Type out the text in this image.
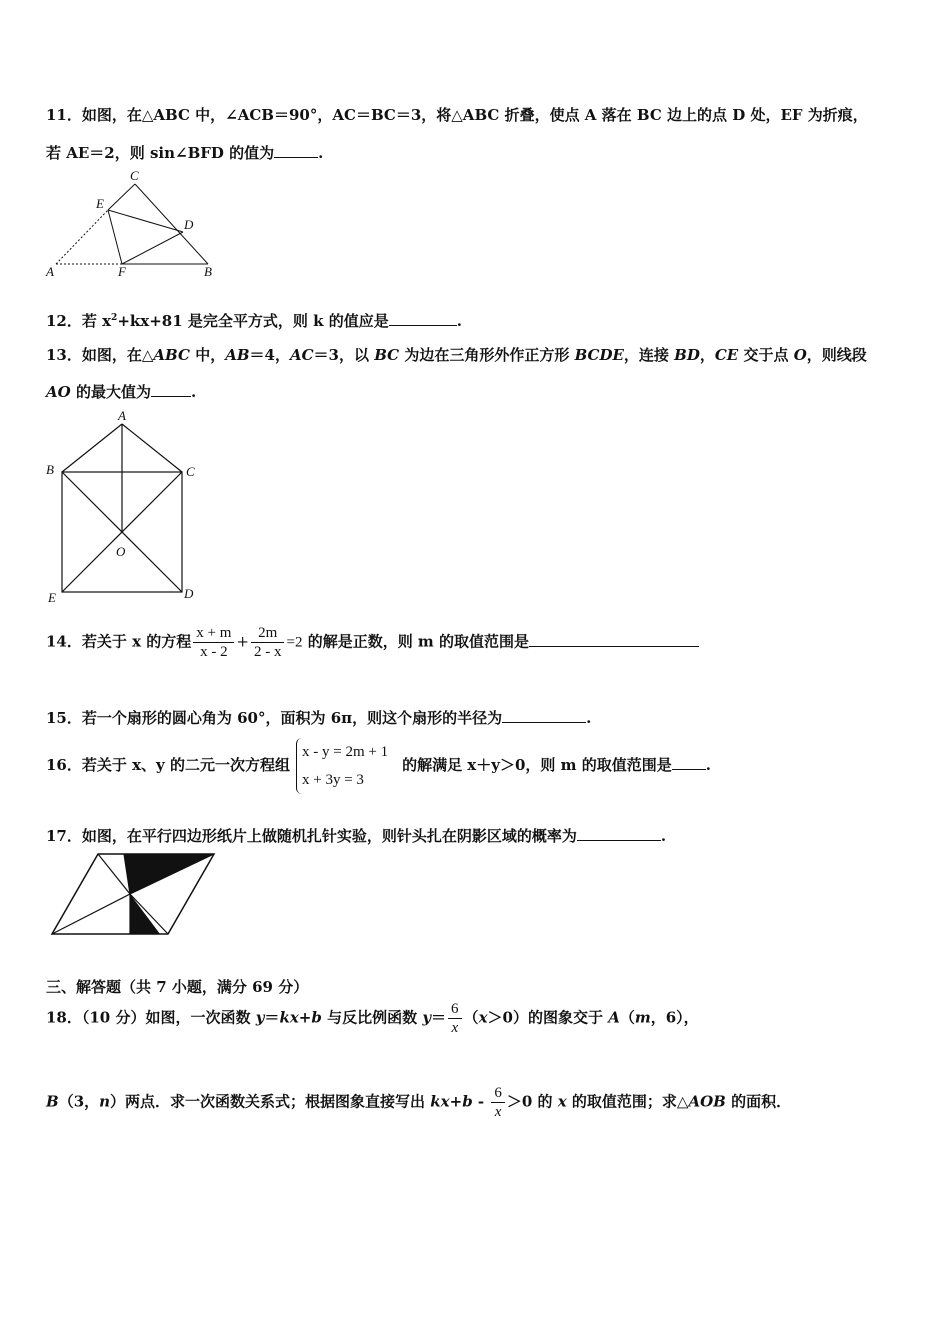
11．如图，在△ABC 中，∠ACB＝90°，AC＝BC＝3，将△ABC 折叠，使点 A 落在 BC 边上的点 D 处，EF 为折痕，
若 AE＝2，则 sin∠BFD 的值为	.
C
E
D
A	F	B
12．若 $x^2+kx+81$ 是完全平方式，则 k 的值应是	.
13．如图，在△ABC 中，AB＝4，AC＝3，以 BC 为边在三角形外作正方形 BCDE，连接 BD，CE 交于点 O，则线段
AO 的最大值为	.
A
B	C
O
E	D
14．若关于 x 的方程 $\frac{x + m}{x - 2} + \frac{2m}{2 - x} =2$ 的解是正数，则 m 的取值范围是
15．若一个扇形的圆心角为 60°，面积为 6π，则这个扇形的半径为	.
16．若关于 x、y 的二元一次方程组
x - y = 2m + 1
x + 3y = 3
的解满足 x＋y＞0，则 m 的取值范围是 .
17．如图，在平行四边形纸片上做随机扎针实验，则针头扎在阴影区域的概率为	.
三、解答题（共 7 小题，满分 69 分）
18．（10 分）如图，一次函数 y＝kx+b 与反比例函数 $y= \frac{6}{x} (x>0)$的图象交于 A（m，6），
B（3，n）两点．求一次函数关系式；根据图象直接写出 $kx+b - \frac{6}{x} >0$ 的 x 的取值范围；求△AOB 的面积．
